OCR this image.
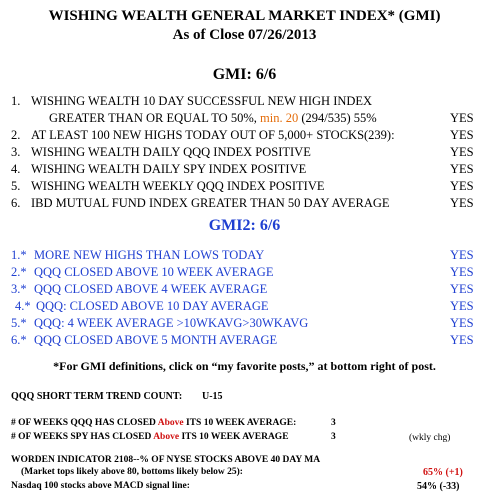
WISHING WEALTH GENERAL MARKET INDEX* (GMI)
As of Close 07/26/2013
GMI: 6/6
1. WISHING WEALTH 10 DAY SUCCESSFUL NEW HIGH INDEX
GREATER THAN OR EQUAL TO 50%, min. 20 (294/535) 55%	YES
2. AT LEAST 100 NEW HIGHS TODAY OUT OF 5,000+ STOCKS(239):	YES
3. WISHING WEALTH DAILY QQQ INDEX POSITIVE	YES
4. WISHING WEALTH DAILY SPY INDEX POSITIVE	YES
5. WISHING WEALTH WEEKLY QQQ INDEX POSITIVE	YES
6. IBD MUTUAL FUND INDEX GREATER THAN 50 DAY AVERAGE	YES
GMI2: 6/6
1.* MORE NEW HIGHS THAN LOWS TODAY	YES
2.* QQQ CLOSED ABOVE 10 WEEK AVERAGE	YES
3.* QQQ CLOSED ABOVE 4 WEEK AVERAGE	YES
4.* QQQ: CLOSED ABOVE 10 DAY AVERAGE	YES
5.* QQQ: 4 WEEK AVERAGE >10WKAVG>30WKAVG	YES
6.* QQQ CLOSED ABOVE 5 MONTH AVERAGE	YES
*For GMI definitions, click on “my favorite posts,” at bottom right of post.
QQQ SHORT TERM TREND COUNT: U-15
# OF WEEKS QQQ HAS CLOSED Above ITS 10 WEEK AVERAGE:	3
# OF WEEKS SPY HAS CLOSED Above ITS 10 WEEK AVERAGE	3	(wkly chg)
WORDEN INDICATOR 2108--% OF NYSE STOCKS ABOVE 40 DAY MA
(Market tops likely above 80, bottoms likely below 25):	65% (+1)
Nasdaq 100 stocks above MACD signal line:	54% (-33)
